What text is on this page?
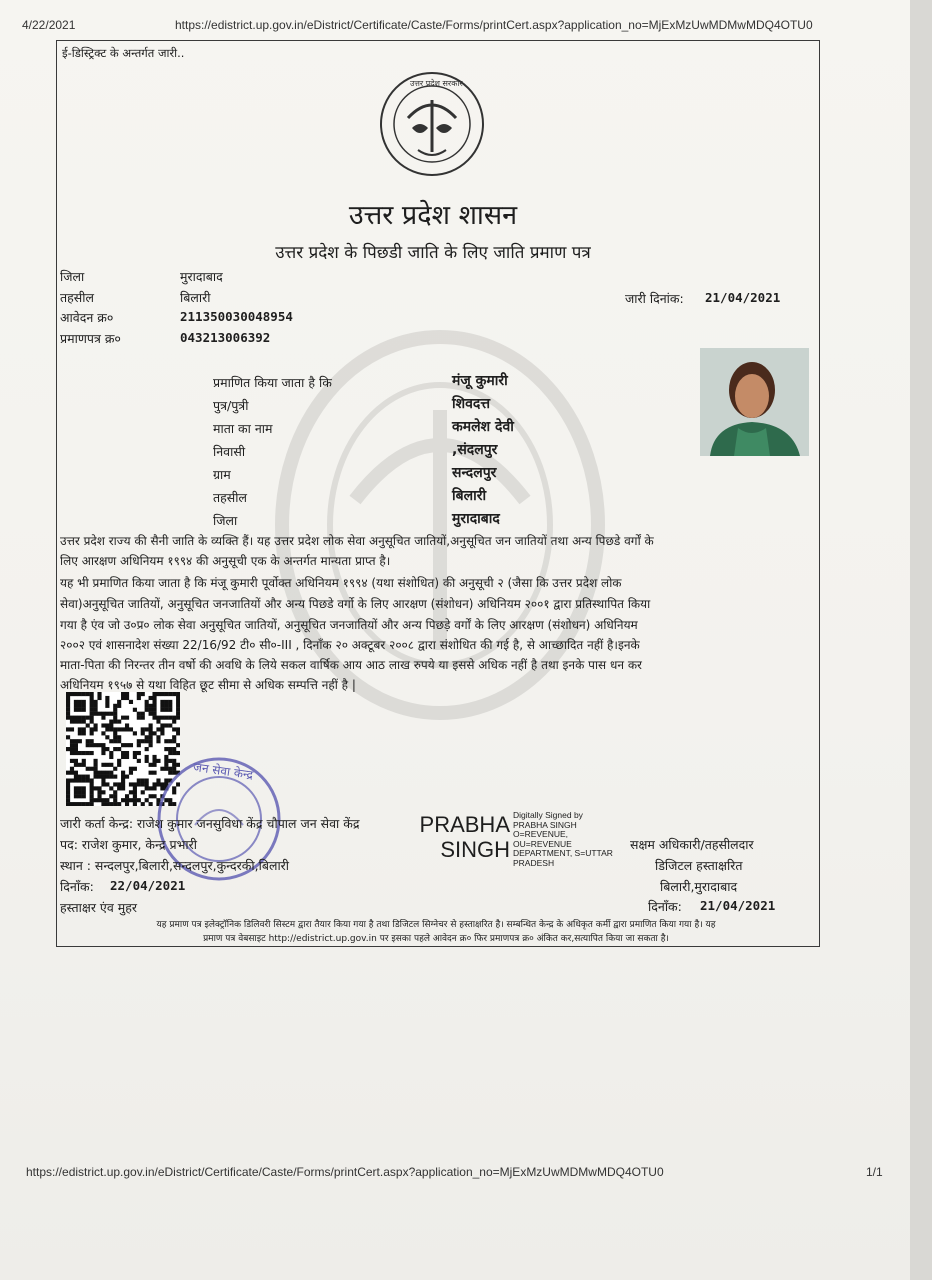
4/22/2021	https://edistrict.up.gov.in/eDistrict/Certificate/Caste/Forms/printCert.aspx?application_no=MjExMzUwMDMwMDQ4OTU0
ई-डिस्ट्रिक्ट के अन्तर्गत जारी..
उत्तर प्रदेश सरकार
उत्तर प्रदेश शासन
उत्तर प्रदेश के पिछडी जाति के लिए जाति प्रमाण पत्र
जिला	मुरादाबाद
तहसील	बिलारी
आवेदन क्र०	211350030048954
प्रमाणपत्र क्र०	043213006392
जारी दिनांक: 21/04/2021
प्रमाणित किया जाता है कि	मंजू कुमारी
पुत्र/पुत्री	शिवदत्त
माता का नाम	कमलेश देवी
निवासी	,संदलपुर
ग्राम	सन्दलपुर
तहसील	बिलारी
जिला	मुरादाबाद
उत्तर प्रदेश राज्य की सैनी जाति के व्यक्ति हैं। यह उत्तर प्रदेश लोक सेवा अनुसूचित जातियों,अनुसूचित जन जातियों तथा अन्य पिछडे वर्गों के
लिए आरक्षण अधिनियम १९९४ की अनुसूची एक के अन्तर्गत मान्यता प्राप्त है।
यह भी प्रमाणित किया जाता है कि मंजू कुमारी पूर्वोक्त अधिनियम १९९४ (यथा संशोधित) की अनुसूची २ (जैसा कि उत्तर प्रदेश लोक
सेवा)अनुसूचित जातियों, अनुसूचित जनजातियों और अन्य पिछडे वर्गो के लिए आरक्षण (संशोधन) अधिनियम २००१ द्वारा प्रतिस्थापित किया
गया है एंव जो उ०प्र० लोक सेवा अनुसूचित जातियों, अनुसूचित जनजातियों और अन्य पिछड़े वर्गों के लिए आरक्षण (संशोधन) अधिनियम
२००२ एवं शासनादेश संख्या 22/16/92 टी० सी०-III , दिनाँक २० अक्टूबर २००८ द्वारा संशोधित की गई है, से आच्छादित नहीं है।इनके
माता-पिता की निरन्तर तीन वर्षो की अवधि के लिये सकल वार्षिक आय आठ लाख रुपये या इससे अधिक नहीं है तथा इनके पास धन कर
अधिनियम १९५७ से यथा विहित छूट सीमा से अधिक सम्पत्ति नहीं है |
जन सेवा केन्द्र
जारी कर्ता केन्द्र: राजेश कुमार जनसुविधा केंद्र चौपाल जन सेवा केंद्र
पद: राजेश कुमार, केन्द्र प्रभारी
स्थान : सन्दलपुर,बिलारी,सन्दलपुर,कुन्दरकी,बिलारी
दिनाँक: 22/04/2021
हस्ताक्षर एंव मुहर
PRABHA
SINGH
Digitally Signed by
PRABHA SINGH
O=REVENUE,
OU=REVENUE
DEPARTMENT, S=UTTAR
PRADESH
सक्षम अधिकारी/तहसीलदार
डिजिटल हस्ताक्षरित
बिलारी,मुरादाबाद
दिनाँक: 21/04/2021
यह प्रमाण पत्र इलेक्ट्रॉनिक डिलिवरी सिस्टम द्वारा तैयार किया गया है तथा डिजिटल सिग्नेचर से हस्ताक्षरित है। सम्बन्धित केन्द्र के अधिकृत कर्मी द्वारा प्रमाणित किया गया है। यह
प्रमाण पत्र वेबसाइट http://edistrict.up.gov.in पर इसका पहले आवेदन क्र० फिर प्रमाणपत्र क्र० अंकित कर,सत्यापित किया जा सकता है।
https://edistrict.up.gov.in/eDistrict/Certificate/Caste/Forms/printCert.aspx?application_no=MjExMzUwMDMwMDQ4OTU0	1/1
